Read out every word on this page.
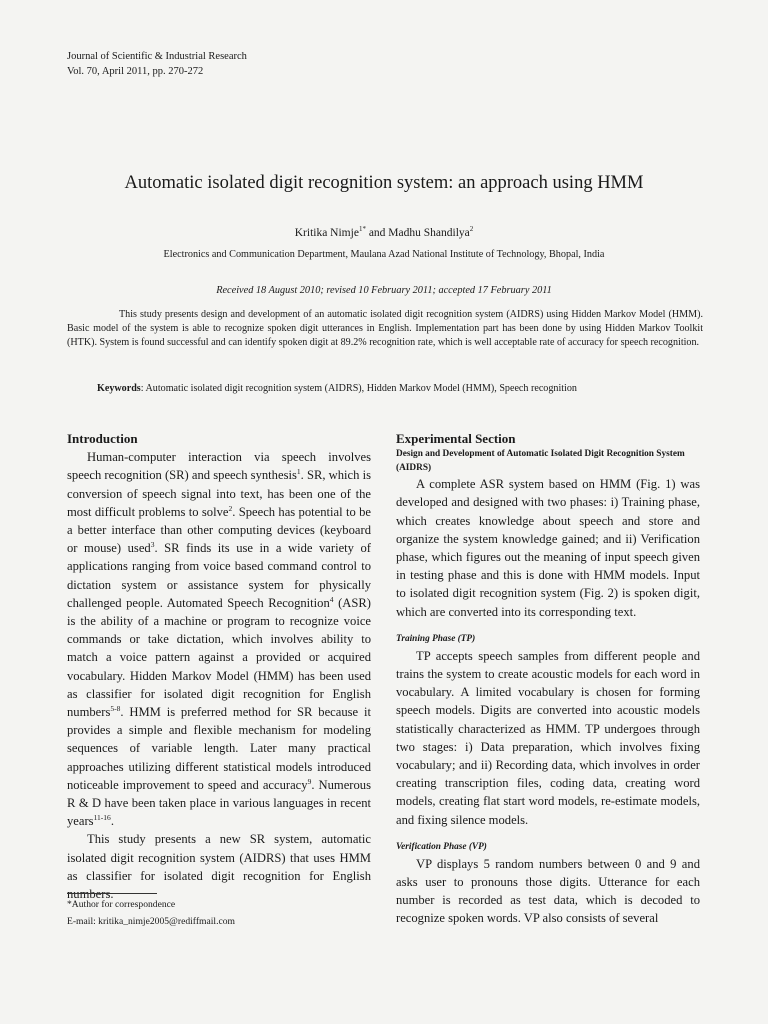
Journal of Scientific & Industrial Research
Vol. 70, April 2011, pp. 270-272
Automatic isolated digit recognition system: an approach using HMM
Kritika Nimje$^{1*}$ and Madhu Shandilya$^2$
Electronics and Communication Department, Maulana Azad National Institute of Technology, Bhopal, India
Received 18 August 2010; revised 10 February 2011; accepted 17 February 2011

This study presents design and development of an automatic isolated digit recognition system (AIDRS) using Hidden Markov Model (HMM). Basic model of the system is able to recognize spoken digit utterances in English. Implementation part has been done by using Hidden Markov Toolkit (HTK). System is found successful and can identify spoken digit at 89.2% recognition rate, which is well acceptable rate of accuracy for speech recognition.

Keywords: Automatic isolated digit recognition system (AIDRS), Hidden Markov Model (HMM), Speech recognition
Introduction

Human-computer interaction via speech involves speech recognition (SR) and speech synthesis$^1$. SR, which is conversion of speech signal into text, has been one of the most difficult problems to solve$^2$. Speech has potential to be a better interface than other computing devices (keyboard or mouse) used$^3$. SR finds its use in a wide variety of applications ranging from voice based command control to dictation system or assistance system for physically challenged people. Automated Speech Recognition$^4$ (ASR) is the ability of a machine or program to recognize voice commands or take dictation, which involves ability to match a voice pattern against a provided or acquired vocabulary. Hidden Markov Model (HMM) has been used as classifier for isolated digit recognition for English numbers$^{5-8}$. HMM is preferred method for SR because it provides a simple and flexible mechanism for modeling sequences of variable length. Later many practical approaches utilizing different statistical models introduced noticeable improvement to speed and accuracy$^9$. Numerous R & D have been taken place in various languages in recent years$^{11-16}$.

This study presents a new SR system, automatic isolated digit recognition system (AIDRS) that uses HMM as classifier for isolated digit recognition for English numbers.

*Author for correspondence
E-mail: kritika_nimje2005@rediffmail.com
Experimental Section
Design and Development of Automatic Isolated Digit Recognition System (AIDRS)

A complete ASR system based on HMM (Fig. 1) was developed and designed with two phases: i) Training phase, which creates knowledge about speech and store and organize the system knowledge gained; and ii) Verification phase, which figures out the meaning of input speech given in testing phase and this is done with HMM models. Input to isolated digit recognition system (Fig. 2) is spoken digit, which are converted into its corresponding text.

Training Phase (TP)

TP accepts speech samples from different people and trains the system to create acoustic models for each word in vocabulary. A limited vocabulary is chosen for forming speech models. Digits are converted into acoustic models statistically characterized as HMM. TP undergoes through two stages: i) Data preparation, which involves fixing vocabulary; and ii) Recording data, which involves in order creating transcription files, coding data, creating word models, creating flat start word models, re-estimate models, and fixing silence models.

Verification Phase (VP)

VP displays 5 random numbers between 0 and 9 and asks user to pronouns those digits. Utterance for each number is recorded as test data, which is decoded to recognize spoken words. VP also consists of several
